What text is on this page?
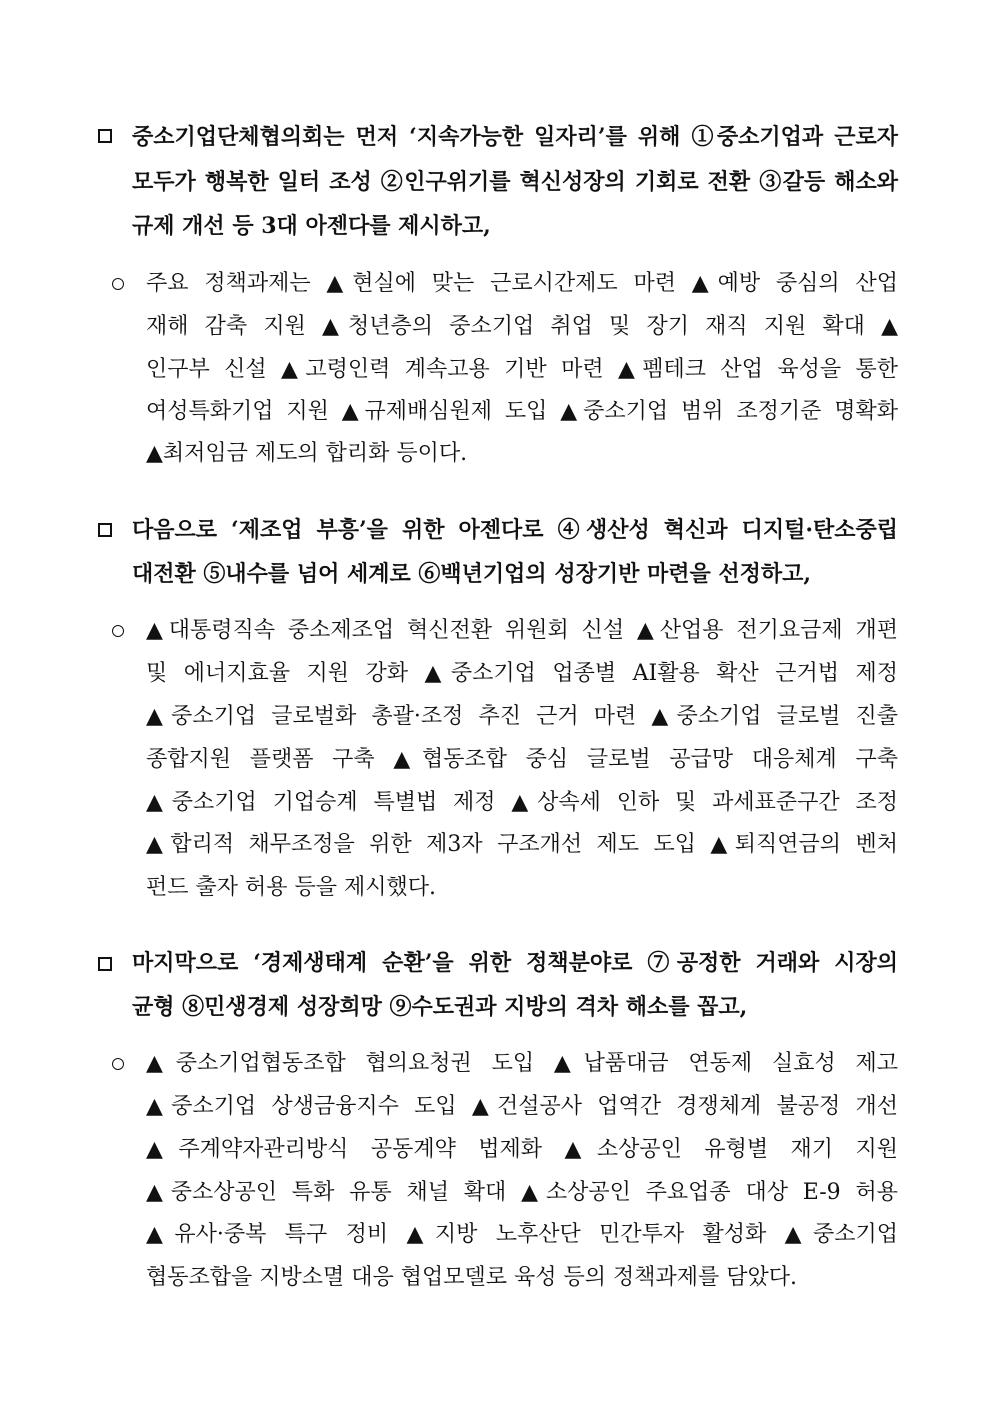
중소기업단체협의회는 먼저 ‘지속가능한 일자리’를 위해 ①중소기업과 근로자
모두가 행복한 일터 조성 ②인구위기를 혁신성장의 기회로 전환 ③갈등 해소와
규제 개선 등 3대 아젠다를 제시하고,
주요 정책과제는 ▲현실에 맞는 근로시간제도 마련 ▲예방 중심의 산업
재해 감축 지원 ▲청년층의 중소기업 취업 및 장기 재직 지원 확대 ▲
인구부 신설 ▲고령인력 계속고용 기반 마련 ▲펨테크 산업 육성을 통한
여성특화기업 지원 ▲규제배심원제 도입 ▲중소기업 범위 조정기준 명확화
▲최저임금 제도의 합리화 등이다.
다음으로 ‘제조업 부흥’을 위한 아젠다로 ④생산성 혁신과 디지털·탄소중립
대전환 ⑤내수를 넘어 세계로 ⑥백년기업의 성장기반 마련을 선정하고,
▲대통령직속 중소제조업 혁신전환 위원회 신설 ▲산업용 전기요금제 개편
및 에너지효율 지원 강화 ▲중소기업 업종별 AI활용 확산 근거법 제정
▲중소기업 글로벌화 총괄·조정 추진 근거 마련 ▲중소기업 글로벌 진출
종합지원 플랫폼 구축 ▲협동조합 중심 글로벌 공급망 대응체계 구축
▲중소기업 기업승계 특별법 제정 ▲상속세 인하 및 과세표준구간 조정
▲합리적 채무조정을 위한 제3자 구조개선 제도 도입 ▲퇴직연금의 벤처
펀드 출자 허용 등을 제시했다.
마지막으로 ‘경제생태계 순환’을 위한 정책분야로 ⑦공정한 거래와 시장의
균형 ⑧민생경제 성장희망 ⑨수도권과 지방의 격차 해소를 꼽고,
▲중소기업협동조합 협의요청권 도입 ▲납품대금 연동제 실효성 제고
▲중소기업 상생금융지수 도입 ▲건설공사 업역간 경쟁체계 불공정 개선
▲주계약자관리방식 공동계약 법제화 ▲소상공인 유형별 재기 지원
▲중소상공인 특화 유통 채널 확대 ▲소상공인 주요업종 대상 E-9 허용
▲유사·중복 특구 정비 ▲지방 노후산단 민간투자 활성화 ▲중소기업
협동조합을 지방소멸 대응 협업모델로 육성 등의 정책과제를 담았다.
